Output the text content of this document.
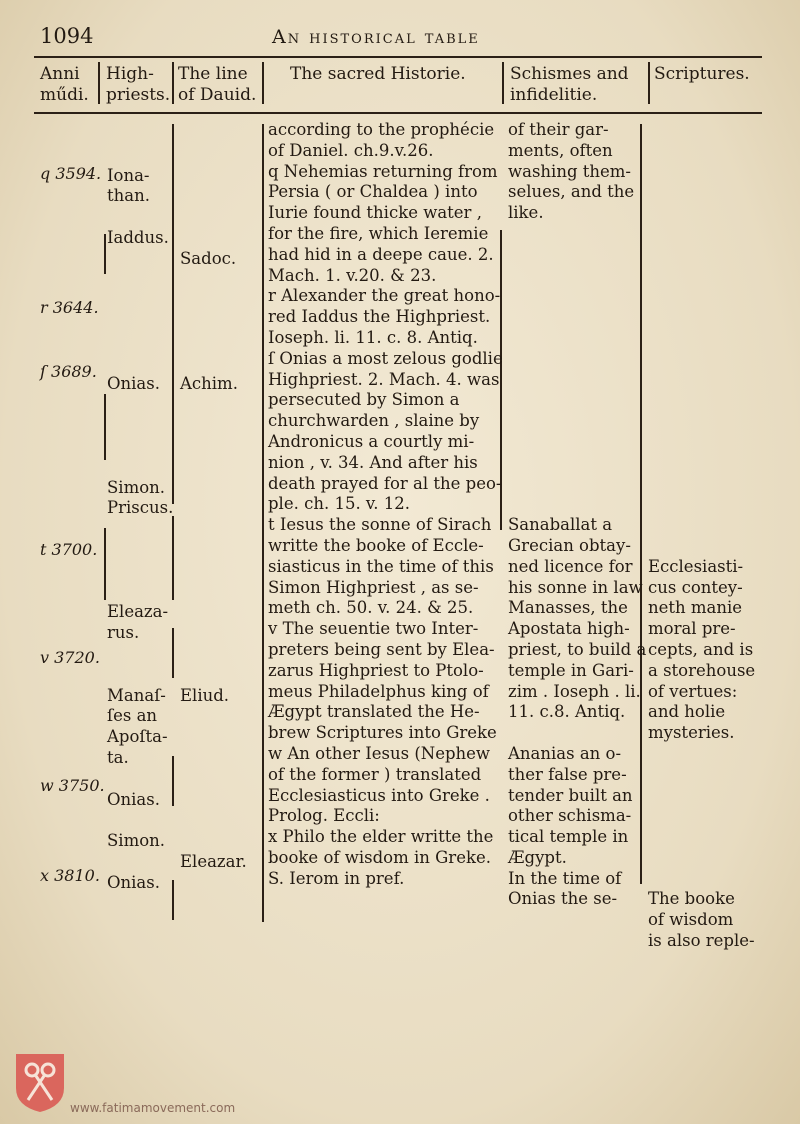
1094	An historical table
Anni
műdi.
High-
priests.
The line
of Dauid.
The sacred Historie.	Schismes and
infidelitie.
Scriptures.

Iona-
than.

Iaddus.

Onias.

Simon.
Priscus.

Eleaza-
rus.

Manaſ-
ſes an
Apoſta-
ta.

Onias.

Simon.

Onias.

Sadoc.

Achim.

Eliud.

Eleazar.
according to the prophécie
of Daniel. ch.9.v.26.
q Nehemias returning from
Persia ( or Chaldea ) into
Iurie found thicke water ,
for the fire, which Ieremie
had hid in a deepe caue. 2.
Mach. 1. v.20. & 23.
r Alexander the great hono-
red Iaddus the Highpriest.
Ioseph. li. 11. c. 8. Antiq.
ſ Onias a most zelous godlie
Highpriest. 2. Mach. 4. was
persecuted by Simon a
churchwarden , slaine by
Andronicus a courtly mi-
nion , v. 34. And after his
death prayed for al the peo-
ple. ch. 15. v. 12.
t Iesus the sonne of Sirach
writte the booke of Eccle-
siasticus in the time of this
Simon Highpriest , as se-
meth ch. 50. v. 24. & 25.
v The seuentie two Inter-
preters being sent by Elea-
zarus Highpriest to Ptolo-
meus Philadelphus king of
Ægypt translated the He-
brew Scriptures into Greke
w An other Iesus (Nephew
of the former ) translated
Ecclesiasticus into Greke .
Prolog. Eccli:
x Philo the elder writte the
booke of wisdom in Greke.
S. Ierom in pref.
of their gar-
ments, often
washing them-
selues, and the
like.

Sanaballat a
Grecian obtay-
ned licence for
his sonne in law
Manasses, the
Apostata high-
priest, to build a
temple in Gari-
zim . Ioseph . li.
11. c.8. Antiq.

Ananias an o-
ther false pre-
tender built an
other schisma-
tical temple in
Ægypt.
In the time of
Onias the se-

Ecclesiasti-
cus contey-
neth manie
moral pre-
cepts, and is
a storehouse
of vertues:
and holie
mysteries.

The booke
of wisdom
is also reple-
q 3594.
r 3644.
ſ 3689.
t 3700.
v 3720.
w 3750.
x 3810.
www.fatimamovement.com
